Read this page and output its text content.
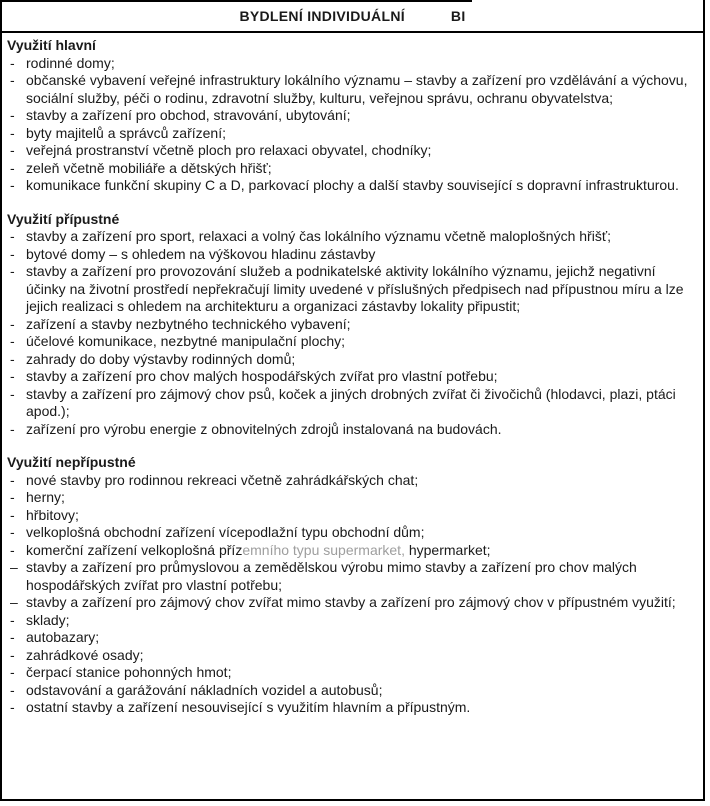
BYDLENÍ INDIVIDUÁLNÍ	BI
Využití hlavní
- rodinné domy;
- občanské vybavení veřejné infrastruktury lokálního významu – stavby a zařízení pro vzdělávání a výchovu, sociální služby, péči o rodinu, zdravotní služby, kulturu, veřejnou správu, ochranu obyvatelstva;
- stavby a zařízení pro obchod, stravování, ubytování;
- byty majitelů a správců zařízení;
- veřejná prostranství včetně ploch pro relaxaci obyvatel, chodníky;
- zeleň včetně mobiliáře a dětských hřišť;
- komunikace funkční skupiny C a D, parkovací plochy a další stavby související s dopravní infrastrukturou.
Využití přípustné
- stavby a zařízení pro sport, relaxaci a volný čas lokálního významu včetně maloplošných hřišť;
- bytové domy – s ohledem na výškovou hladinu zástavby
- stavby a zařízení pro provozování služeb a podnikatelské aktivity lokálního významu, jejichž negativní účinky na životní prostředí nepřekračují limity uvedené v příslušných předpisech nad přípustnou míru a lze jejich realizaci s ohledem na architekturu a organizaci zástavby lokality připustit;
- zařízení a stavby nezbytného technického vybavení;
- účelové komunikace, nezbytné manipulační plochy;
- zahrady do doby výstavby rodinných domů;
- stavby a zařízení pro chov malých hospodářských zvířat pro vlastní potřebu;
- stavby a zařízení pro zájmový chov psů, koček a jiných drobných zvířat či živočichů (hlodavci, plazi, ptáci apod.);
- zařízení pro výrobu energie z obnovitelných zdrojů instalovaná na budovách.
Využití nepřípustné
- nové stavby pro rodinnou rekreaci včetně zahrádkářských chat;
- herny;
- hřbitovy;
- velkoplošná obchodní zařízení vícepodlažní typu obchodní dům;
- komerční zařízení velkoplošná přízemního typu supermarket, hypermarket;
– stavby a zařízení pro průmyslovou a zemědělskou výrobu mimo stavby a zařízení pro chov malých hospodářských zvířat pro vlastní potřebu;
– stavby a zařízení pro zájmový chov zvířat mimo stavby a zařízení pro zájmový chov v přípustném využití;
- sklady;
- autobazary;
- zahrádkové osady;
- čerpací stanice pohonných hmot;
- odstavování a garážování nákladních vozidel a autobusů;
- ostatní stavby a zařízení nesouvisející s využitím hlavním a přípustným.
